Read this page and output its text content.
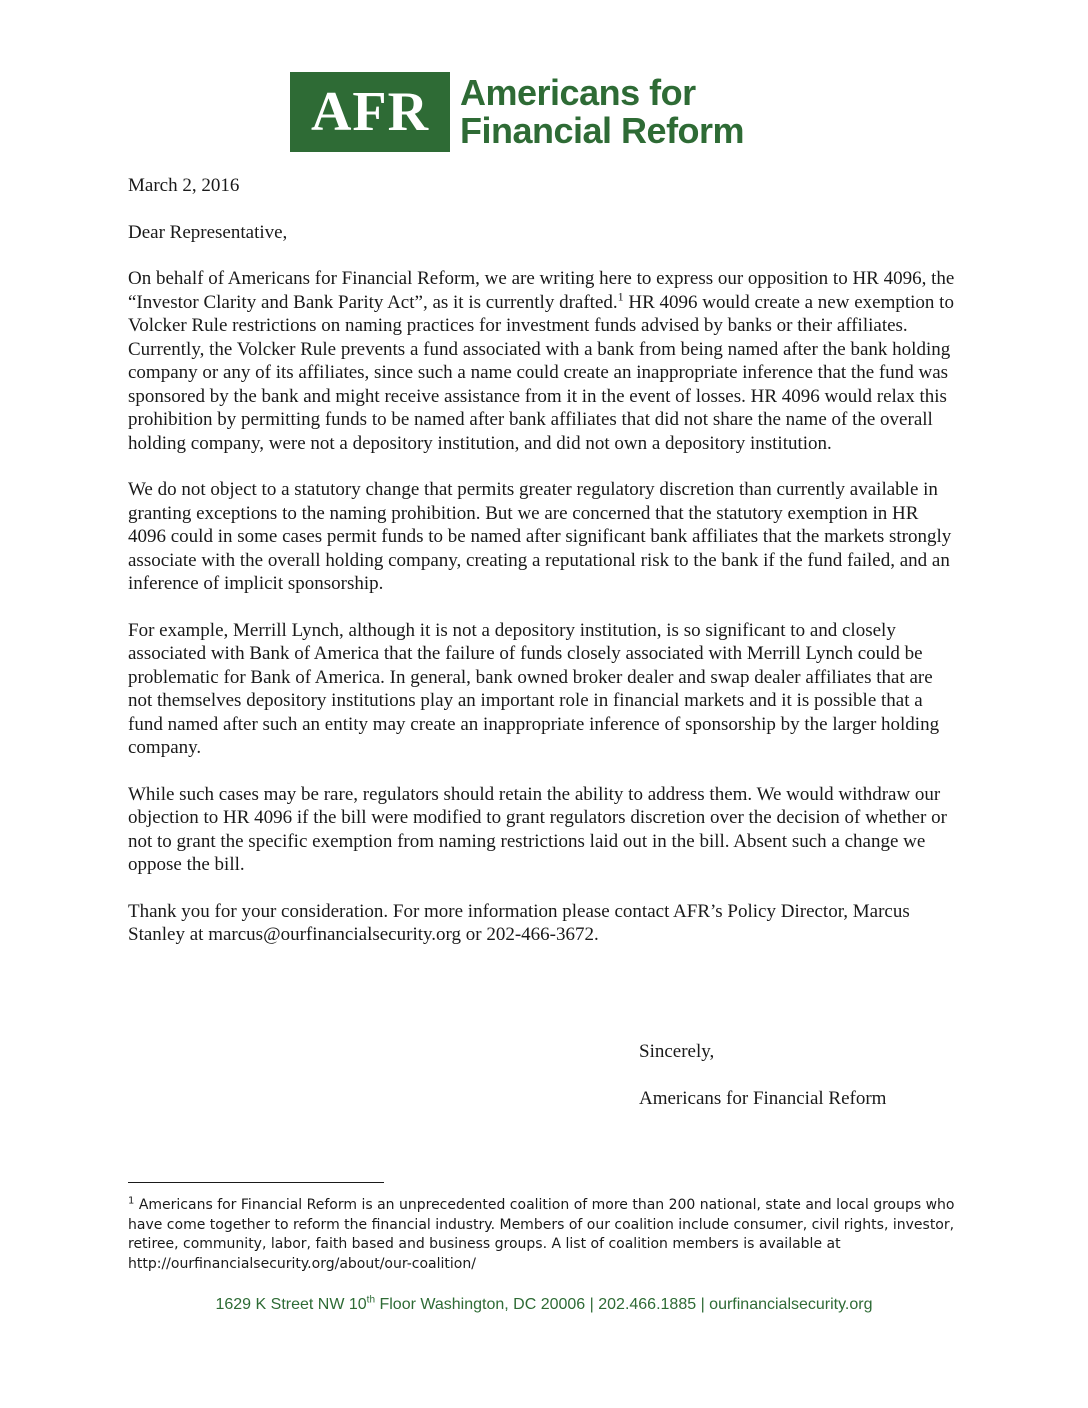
AFR Americans for
Financial Reform

March 2, 2016

Dear Representative,

On behalf of Americans for Financial Reform, we are writing here to express our opposition to HR 4096, the “Investor Clarity and Bank Parity Act”, as it is currently drafted.$^1$ HR 4096 would create a new exemption to Volcker Rule restrictions on naming practices for investment funds advised by banks or their affiliates. Currently, the Volcker Rule prevents a fund associated with a bank from being named after the bank holding company or any of its affiliates, since such a name could create an inappropriate inference that the fund was sponsored by the bank and might receive assistance from it in the event of losses. HR 4096 would relax this prohibition by permitting funds to be named after bank affiliates that did not share the name of the overall holding company, were not a depository institution, and did not own a depository institution.

We do not object to a statutory change that permits greater regulatory discretion than currently available in granting exceptions to the naming prohibition. But we are concerned that the statutory exemption in HR 4096 could in some cases permit funds to be named after significant bank affiliates that the markets strongly associate with the overall holding company, creating a reputational risk to the bank if the fund failed, and an inference of implicit sponsorship.

For example, Merrill Lynch, although it is not a depository institution, is so significant to and closely associated with Bank of America that the failure of funds closely associated with Merrill Lynch could be problematic for Bank of America. In general, bank owned broker dealer and swap dealer affiliates that are not themselves depository institutions play an important role in financial markets and it is possible that a fund named after such an entity may create an inappropriate inference of sponsorship by the larger holding company.

While such cases may be rare, regulators should retain the ability to address them. We would withdraw our objection to HR 4096 if the bill were modified to grant regulators discretion over the decision of whether or not to grant the specific exemption from naming restrictions laid out in the bill. Absent such a change we oppose the bill.

Thank you for your consideration. For more information please contact AFR’s Policy Director, Marcus Stanley at marcus@ourfinancialsecurity.org or 202-466-3672.

Sincerely,

Americans for Financial Reform

$^1$ Americans for Financial Reform is an unprecedented coalition of more than 200 national, state and local groups who have come together to reform the financial industry. Members of our coalition include consumer, civil rights, investor, retiree, community, labor, faith based and business groups. A list of coalition members is available at http://ourfinancialsecurity.org/about/our-coalition/
1629 K Street NW 10th Floor Washington, DC 20006 | 202.466.1885 | ourfinancialsecurity.org
